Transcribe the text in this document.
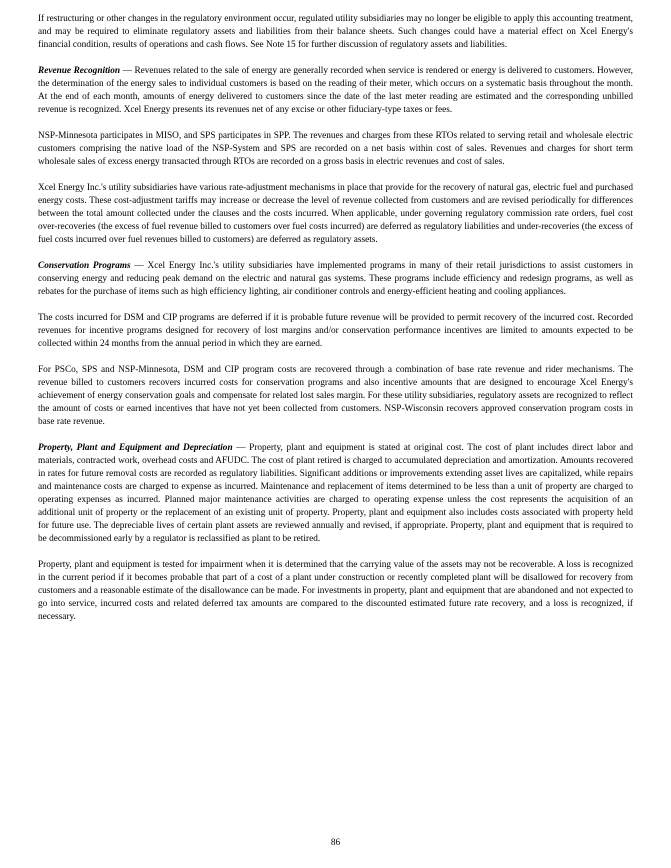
If restructuring or other changes in the regulatory environment occur, regulated utility subsidiaries may no longer be eligible to apply this accounting treatment, and may be required to eliminate regulatory assets and liabilities from their balance sheets. Such changes could have a material effect on Xcel Energy's financial condition, results of operations and cash flows. See Note 15 for further discussion of regulatory assets and liabilities.

Revenue Recognition — Revenues related to the sale of energy are generally recorded when service is rendered or energy is delivered to customers. However, the determination of the energy sales to individual customers is based on the reading of their meter, which occurs on a systematic basis throughout the month. At the end of each month, amounts of energy delivered to customers since the date of the last meter reading are estimated and the corresponding unbilled revenue is recognized. Xcel Energy presents its revenues net of any excise or other fiduciary-type taxes or fees.

NSP-Minnesota participates in MISO, and SPS participates in SPP. The revenues and charges from these RTOs related to serving retail and wholesale electric customers comprising the native load of the NSP-System and SPS are recorded on a net basis within cost of sales. Revenues and charges for short term wholesale sales of excess energy transacted through RTOs are recorded on a gross basis in electric revenues and cost of sales.

Xcel Energy Inc.'s utility subsidiaries have various rate-adjustment mechanisms in place that provide for the recovery of natural gas, electric fuel and purchased energy costs. These cost-adjustment tariffs may increase or decrease the level of revenue collected from customers and are revised periodically for differences between the total amount collected under the clauses and the costs incurred. When applicable, under governing regulatory commission rate orders, fuel cost over-recoveries (the excess of fuel revenue billed to customers over fuel costs incurred) are deferred as regulatory liabilities and under-recoveries (the excess of fuel costs incurred over fuel revenues billed to customers) are deferred as regulatory assets.

Conservation Programs — Xcel Energy Inc.'s utility subsidiaries have implemented programs in many of their retail jurisdictions to assist customers in conserving energy and reducing peak demand on the electric and natural gas systems. These programs include efficiency and redesign programs, as well as rebates for the purchase of items such as high efficiency lighting, air conditioner controls and energy-efficient heating and cooling appliances.

The costs incurred for DSM and CIP programs are deferred if it is probable future revenue will be provided to permit recovery of the incurred cost. Recorded revenues for incentive programs designed for recovery of lost margins and/or conservation performance incentives are limited to amounts expected to be collected within 24 months from the annual period in which they are earned.

For PSCo, SPS and NSP-Minnesota, DSM and CIP program costs are recovered through a combination of base rate revenue and rider mechanisms. The revenue billed to customers recovers incurred costs for conservation programs and also incentive amounts that are designed to encourage Xcel Energy's achievement of energy conservation goals and compensate for related lost sales margin. For these utility subsidiaries, regulatory assets are recognized to reflect the amount of costs or earned incentives that have not yet been collected from customers. NSP-Wisconsin recovers approved conservation program costs in base rate revenue.

Property, Plant and Equipment and Depreciation — Property, plant and equipment is stated at original cost. The cost of plant includes direct labor and materials, contracted work, overhead costs and AFUDC. The cost of plant retired is charged to accumulated depreciation and amortization. Amounts recovered in rates for future removal costs are recorded as regulatory liabilities. Significant additions or improvements extending asset lives are capitalized, while repairs and maintenance costs are charged to expense as incurred. Maintenance and replacement of items determined to be less than a unit of property are charged to operating expenses as incurred. Planned major maintenance activities are charged to operating expense unless the cost represents the acquisition of an additional unit of property or the replacement of an existing unit of property. Property, plant and equipment also includes costs associated with property held for future use. The depreciable lives of certain plant assets are reviewed annually and revised, if appropriate. Property, plant and equipment that is required to be decommissioned early by a regulator is reclassified as plant to be retired.

Property, plant and equipment is tested for impairment when it is determined that the carrying value of the assets may not be recoverable. A loss is recognized in the current period if it becomes probable that part of a cost of a plant under construction or recently completed plant will be disallowed for recovery from customers and a reasonable estimate of the disallowance can be made. For investments in property, plant and equipment that are abandoned and not expected to go into service, incurred costs and related deferred tax amounts are compared to the discounted estimated future rate recovery, and a loss is recognized, if necessary.

86
